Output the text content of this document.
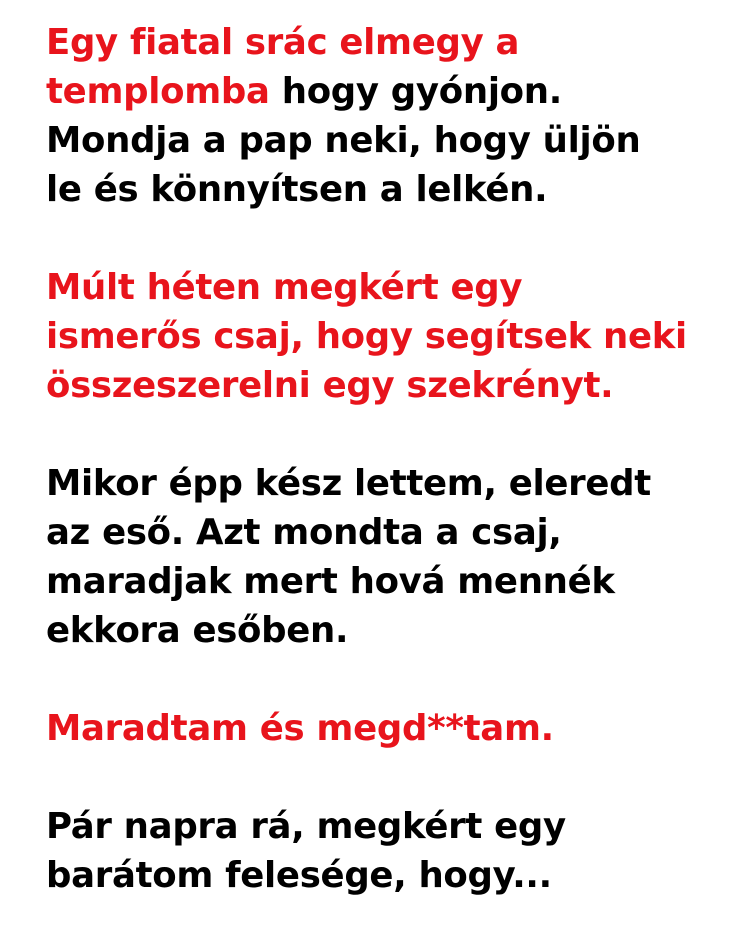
Egy fiatal srác elmegy a
templomba hogy gyónjon.
Mondja a pap neki, hogy üljön
le és könnyítsen a lelkén.
Múlt héten megkért egy
ismerős csaj, hogy segítsek neki
összeszerelni egy szekrényt.
Mikor épp kész lettem, eleredt
az eső. Azt mondta a csaj,
maradjak mert hová mennék
ekkora esőben.
Maradtam és megd**tam.
Pár napra rá, megkért egy
barátom felesége, hogy...
